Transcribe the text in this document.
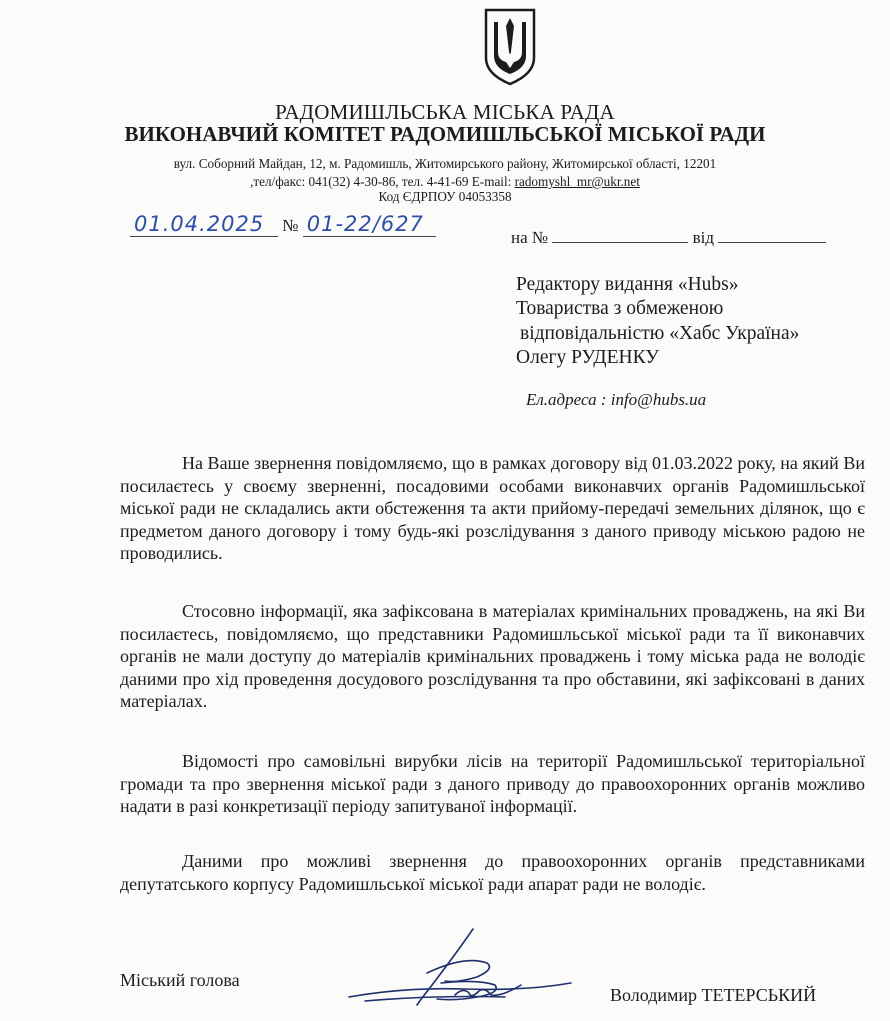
РАДОМИШЛЬСЬКА МІСЬКА РАДА
ВИКОНАВЧИЙ КОМІТЕТ РАДОМИШЛЬСЬКОЇ МІСЬКОЇ РАДИ
вул. Соборний Майдан, 12, м. Радомишль, Житомирського району, Житомирської області, 12201
,тел/факс: 041(32) 4-30-86, тел. 4-41-69 E-mail: radomyshl_mr@ukr.net
Код ЄДРПОУ 04053358
01.04.2025 № 01-22/627
на №	від
Редактору видання «Hubs»
Товариства з обмеженою
відповідальністю «Хабс Україна»
Олегу РУДЕНКУ
Ел.адреса : info@hubs.ua

На Ваше звернення повідомляємо, що в рамках договору від 01.03.2022 року, на який Ви посилаєтесь у своєму зверненні, посадовими особами виконавчих органів Радомишльської міської ради не складались акти обстеження та акти прийому-передачі земельних ділянок, що є предметом даного договору і тому будь-які розслідування з даного приводу міською радою не проводились.

Стосовно інформації, яка зафіксована в матеріалах кримінальних проваджень, на які Ви посилаєтесь, повідомляємо, що представники Радомишльської міської ради та її виконавчих органів не мали доступу до матеріалів кримінальних проваджень і тому міська рада не володіє даними про хід проведення досудового розслідування та про обставини, які зафіксовані в даних матеріалах.

Відомості про самовільні вирубки лісів на території Радомишльської територіальної громади та про звернення міської ради з даного приводу до правоохоронних органів можливо надати в разі конкретизації періоду запитуваної інформації.

Даними про можливі звернення до правоохоронних органів представниками депутатського корпусу Радомишльської міської ради апарат ради не володіє.

Міський голова
Володимир ТЕТЕРСЬКИЙ
